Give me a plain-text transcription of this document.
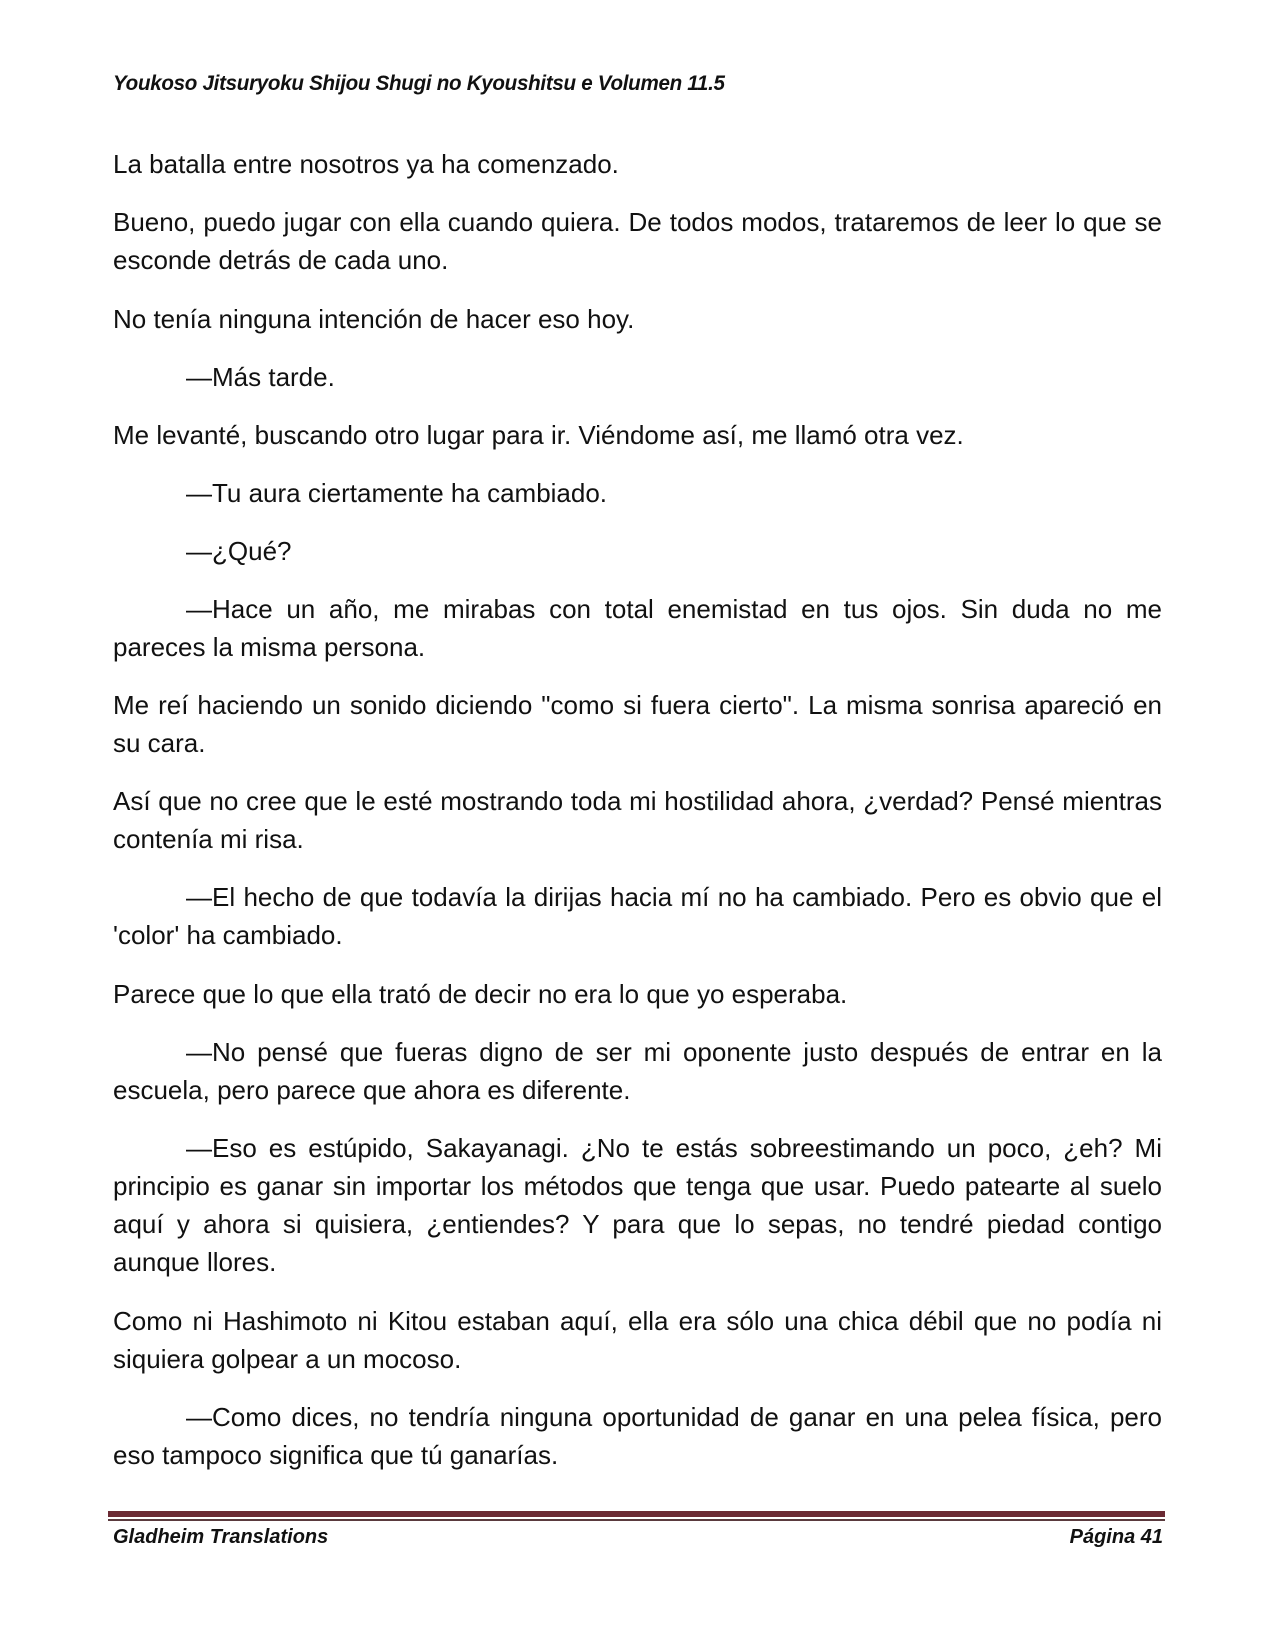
Youkoso Jitsuryoku Shijou Shugi no Kyoushitsu e Volumen 11.5

La batalla entre nosotros ya ha comenzado.

Bueno, puedo jugar con ella cuando quiera. De todos modos, trataremos de leer lo que se esconde detrás de cada uno.

No tenía ninguna intención de hacer eso hoy.

—Más tarde.

Me levanté, buscando otro lugar para ir. Viéndome así, me llamó otra vez.

—Tu aura ciertamente ha cambiado.

—¿Qué?

—Hace un año, me mirabas con total enemistad en tus ojos. Sin duda no me pareces la misma persona.

Me reí haciendo un sonido diciendo "como si fuera cierto". La misma sonrisa apareció en su cara.

Así que no cree que le esté mostrando toda mi hostilidad ahora, ¿verdad? Pensé mientras contenía mi risa.

—El hecho de que todavía la dirijas hacia mí no ha cambiado. Pero es obvio que el 'color' ha cambiado.

Parece que lo que ella trató de decir no era lo que yo esperaba.

—No pensé que fueras digno de ser mi oponente justo después de entrar en la escuela, pero parece que ahora es diferente.

—Eso es estúpido, Sakayanagi. ¿No te estás sobreestimando un poco, ¿eh? Mi principio es ganar sin importar los métodos que tenga que usar. Puedo patearte al suelo aquí y ahora si quisiera, ¿entiendes? Y para que lo sepas, no tendré piedad contigo aunque llores.

Como ni Hashimoto ni Kitou estaban aquí, ella era sólo una chica débil que no podía ni siquiera golpear a un mocoso.

—Como dices, no tendría ninguna oportunidad de ganar en una pelea física, pero eso tampoco significa que tú ganarías.

Gladheim Translations	Página 41
